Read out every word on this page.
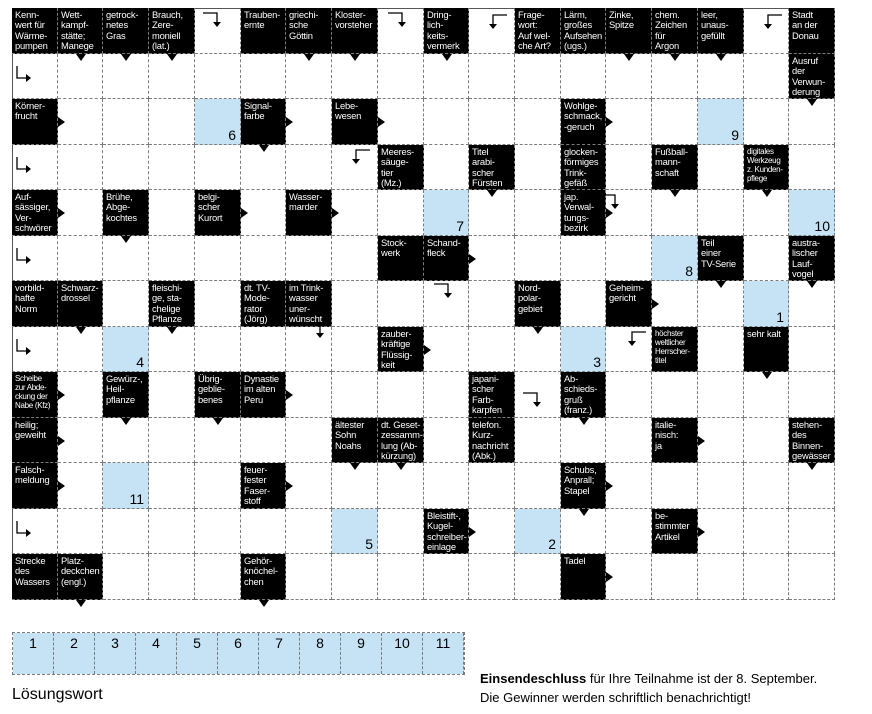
Kenn-
wert für
Wärme-
pumpen
Wett-
kampf-
stätte;
Manege
getrock-
netes
Gras
Brauch,
Zere-
moniell
(lat.)
Trauben-
ernte
griechi-
sche
Göttin
Kloster-
vorsteher
Dring-
lich-
keits-
vermerk
Frage-
wort:
Auf wel-
che Art?
Lärm,
großes
Aufsehen
(ugs.)
Zinke,
Spitze
chem.
Zeichen
für
Argon
leer,
unaus-
gefüllt
Stadt
an der
Donau
Ausruf
der
Verwun-
derung
Körner-
frucht
6
Signal-
farbe
Lebe-
wesen
Wohlge-
schmack,
-geruch
9
Meeres-
säuge-
tier
(Mz.)
Titel
arabi-
scher
Fürsten
glocken-
förmiges
Trink-
gefäß
Fußball-
mann-
schaft
digitales
Werkzeug
z. Kunden-
pflege
Auf-
sässiger,
Ver-
schwörer
Brühe,
Abge-
kochtes
belgi-
scher
Kurort
Wasser-
marder
7
jap.
Verwal-
tungs-
bezirk	10
Stock-
werk
Schand-
fleck
8
Teil
einer
TV-Serie
austra-
lischer
Lauf-
vogel
vorbild-
hafte
Norm
Schwarz-
drossel
fleischi-
ge, sta-
chelige
Pflanze
dt. TV-
Mode-
rator
(Jörg)
im Trink-
wasser
uner-
wünscht
Nord-
polar-
gebiet
Geheim-
gericht
1
4
zauber-
kräftige
Flüssig-
keit	3
höchster
weltlicher
Herrscher-
titel
sehr kalt
Scheibe
zur Abde-
ckung der
Nabe (Kfz)
Gewürz-,
Heil-
pflanze
Übrig-
geblie-
benes
Dynastie
im alten
Peru
japani-
scher
Farb-
karpfen
Ab-
schieds-
gruß
(franz.)
heilig;
geweiht
ältester
Sohn
Noahs
dt. Geset-
zessamm-
lung (Ab-
kürzung)
telefon.
Kurz-
nachricht
(Abk.)
italie-
nisch:
ja
stehen-
des
Binnen-
gewässer
Falsch-
meldung
11
feuer-
fester
Faser-
stoff
Schubs,
Anprall;
Stapel
5
Bleistift-,
Kugel-
schreiber-
einlage	2
be-
stimmter
Artikel
Strecke
des
Wassers
Platz-
deckchen
(engl.)
Gehör-
knöchel-
chen
Tadel
1	2	3	4	5	6	7	8	9	10	11
Lösungswort
Einsendeschluss für Ihre Teilnahme ist der 8. September.
Die Gewinner werden schriftlich benachrichtigt!
